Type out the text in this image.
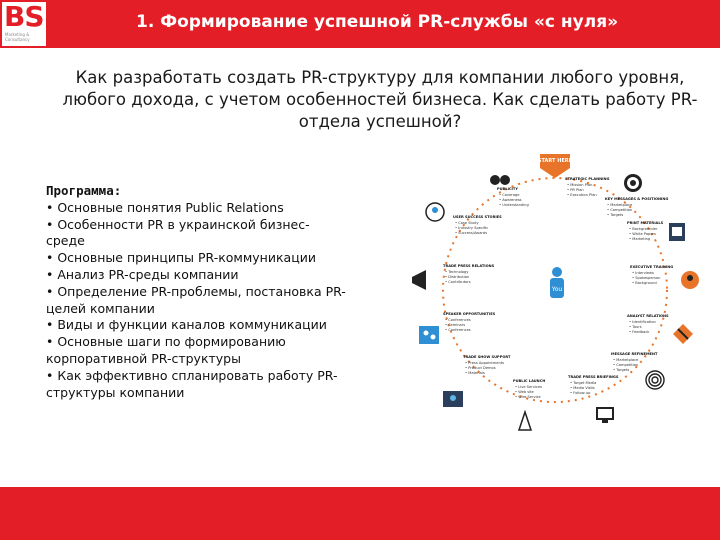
BS
Marketing & Consultancy
1. Формирование успешной PR-службы «с нуля»
Как разработать создать PR-структуру для компании любого уровня, любого дохода, с учетом особенностей бизнеса. Как сделать работу PR-отдела успешной?
Программа:
• Основные понятия Public Relations
• Особенности PR в украинской бизнес-среде
• Основные принципы PR-коммуникации
• Анализ PR-среды компании
• Определение PR-проблемы, постановка PR-целей компании
• Виды и функции каналов коммуникации
• Основные шаги по формированию корпоративной PR-структуры
• Как эффективно спланировать работу PR-структуры компании
START HERE
You
STRATEGIC PLANNING
• Mission Plan
• PR Plan
• Execution Plan
KEY MESSAGES & POSITIONING
• Marketplace
• Competition
• Targets
PRINT MATERIALS
• Backgrounder
• White Papers
• Marketing
EXECUTIVE TRAINING
• Interviews
• Spokesperson
• Background
ANALYST RELATIONS
• Identification
• Tours
• Feedback
MESSAGE REFINEMENT
• Marketplace
• Competition
• Targets
TRADE PRESS BRIEFINGS
• Target Media
• Media Visits
• Follow-up
PUBLIC LAUNCH
• Live Services
• Web site
• Wire Service
TRADE SHOW SUPPORT
• Press Appointments
• Product Demos
• Materials
SPEAKER OPPORTUNITIES
• Conferences
• Seminars
• Conferences
TRADE PRESS RELATIONS
• Technology
• Distribution
• Contributors
USER SUCCESS STORIES
• Case Study
• Industry Specific
• Success/Awards
PUBLICITY
• Coverage
• Awareness
• Understanding
